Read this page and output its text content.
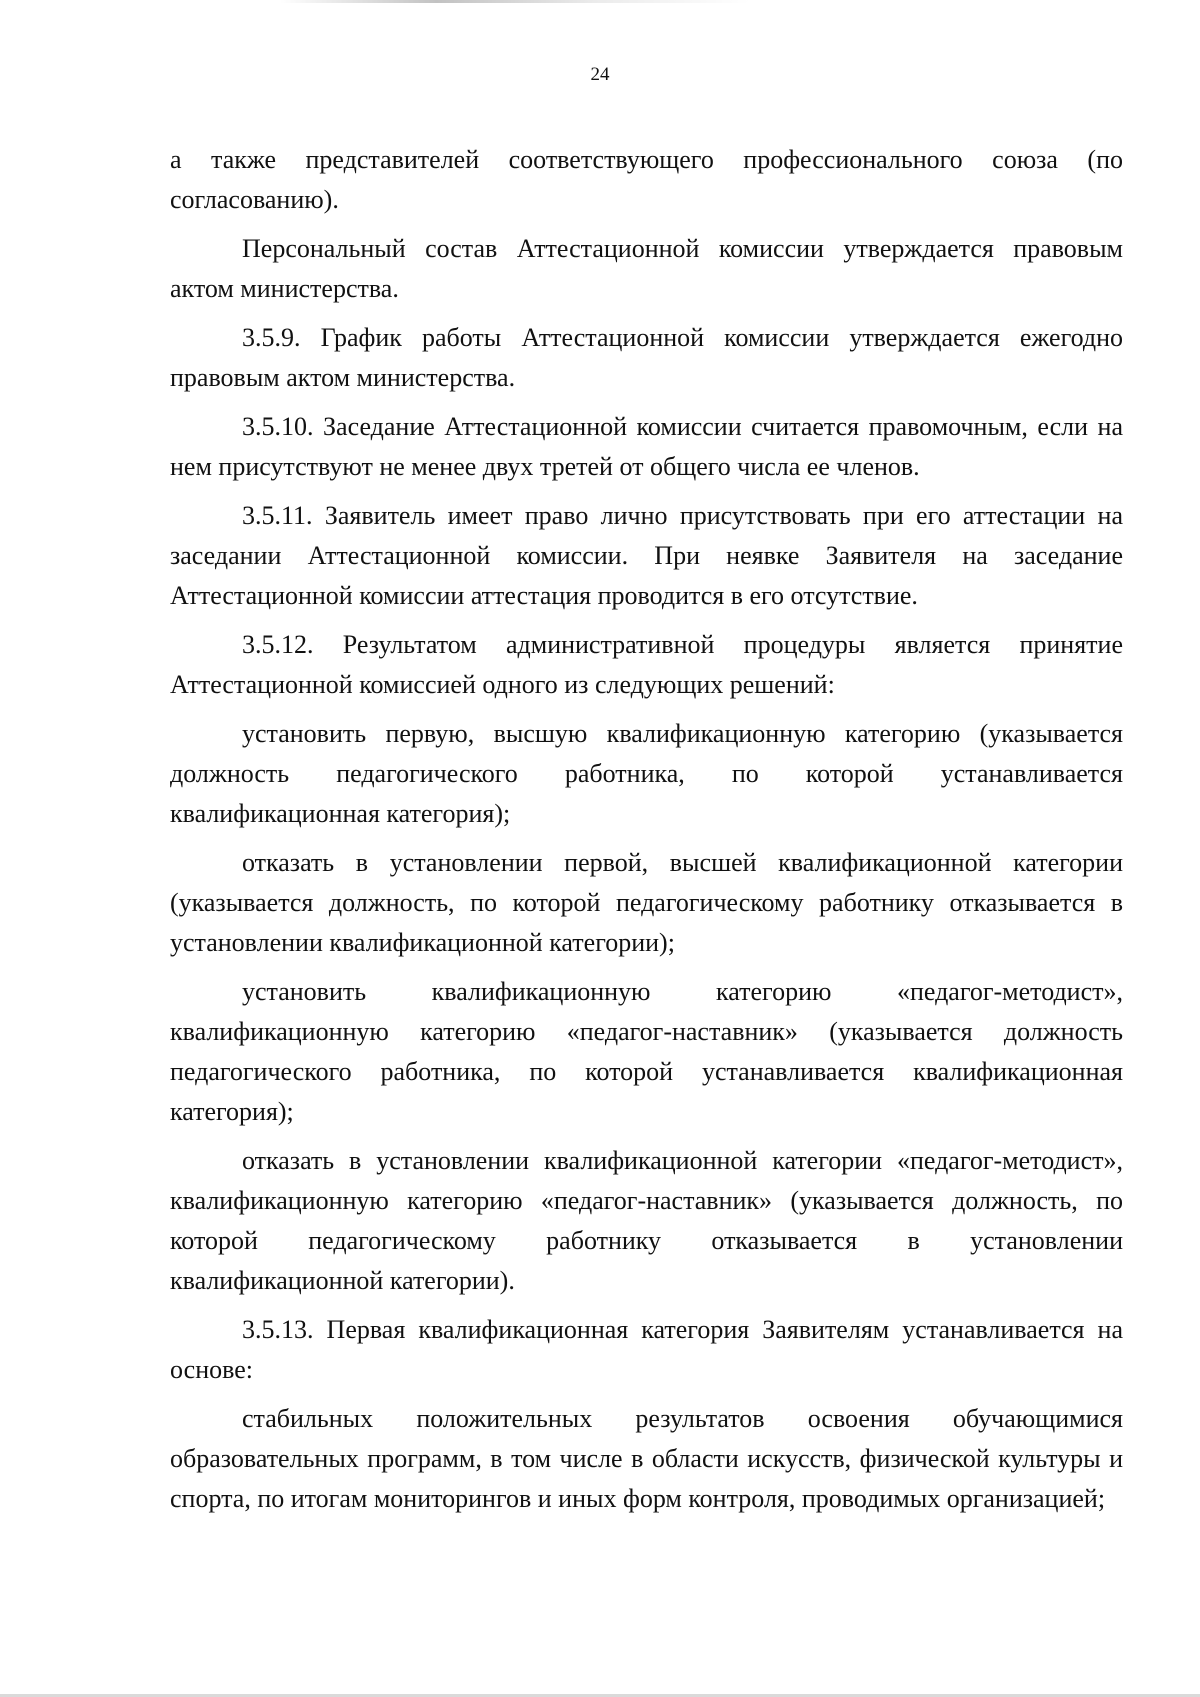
24

а также представителей соответствующего профессионального союза (по согласованию).

Персональный состав Аттестационной комиссии утверждается правовым актом министерства.

3.5.9. График работы Аттестационной комиссии утверждается ежегодно правовым актом министерства.

3.5.10. Заседание Аттестационной комиссии считается правомочным, если на нем присутствуют не менее двух третей от общего числа ее членов.

3.5.11. Заявитель имеет право лично присутствовать при его аттестации на заседании Аттестационной комиссии. При неявке Заявителя на заседание Аттестационной комиссии аттестация проводится в его отсутствие.

3.5.12. Результатом административной процедуры является принятие Аттестационной комиссией одного из следующих решений:

установить первую, высшую квалификационную категорию (указывается должность педагогического работника, по которой устанавливается квалификационная категория);

отказать в установлении первой, высшей квалификационной категории (указывается должность, по которой педагогическому работнику отказывается в установлении квалификационной категории);

установить квалификационную категорию «педагог-методист», квалификационную категорию «педагог-наставник» (указывается должность педагогического работника, по которой устанавливается квалификационная категория);

отказать в установлении квалификационной категории «педагог-методист», квалификационную категорию «педагог-наставник» (указывается должность, по которой педагогическому работнику отказывается в установлении квалификационной категории).

3.5.13. Первая квалификационная категория Заявителям устанавливается на основе:

стабильных положительных результатов освоения обучающимися образовательных программ, в том числе в области искусств, физической культуры и спорта, по итогам мониторингов и иных форм контроля, проводимых организацией;
